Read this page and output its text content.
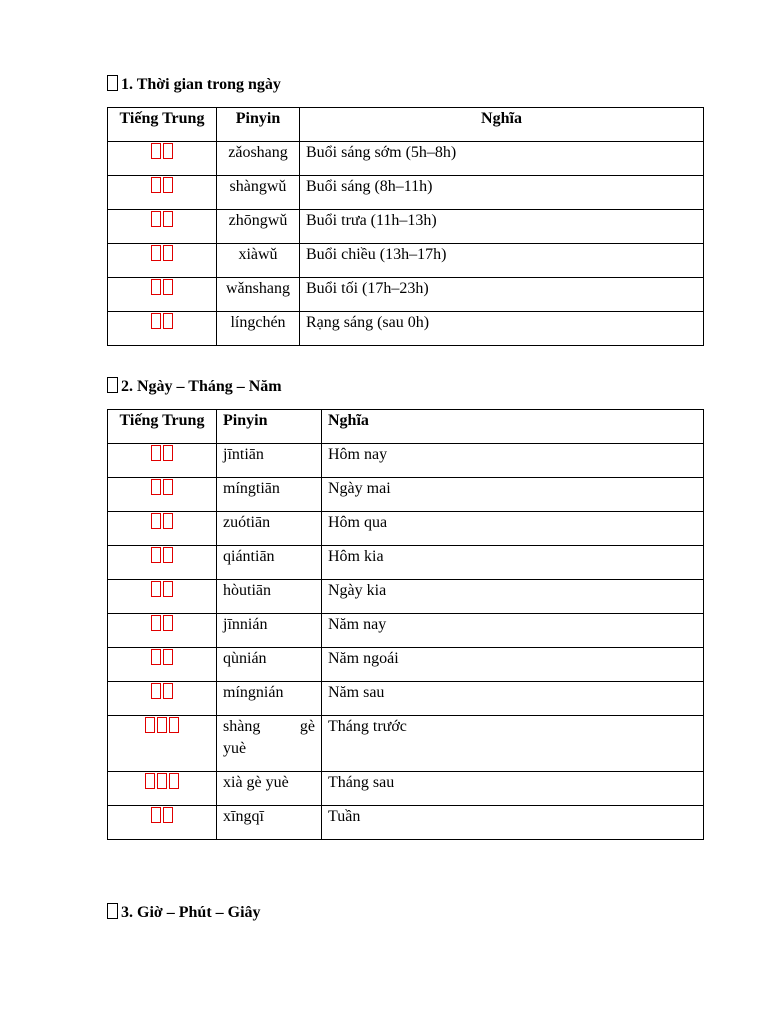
1. Thời gian trong ngày
Tiếng Trung	Pinyin	Nghĩa
	zǎoshang	Buổi sáng sớm (5h–8h)
	shàngwǔ	Buổi sáng (8h–11h)
	zhōngwǔ	Buổi trưa (11h–13h)
	xiàwǔ	Buổi chiều (13h–17h)
	wǎnshang	Buổi tối (17h–23h)
	língchén	Rạng sáng (sau 0h)
2. Ngày – Tháng – Năm
Tiếng Trung	Pinyin	Nghĩa
	jīntiān	Hôm nay
	míngtiān	Ngày mai
	zuótiān	Hôm qua
	qiántiān	Hôm kia
	hòutiān	Ngày kia
	jīnnián	Năm nay
	qùnián	Năm ngoái
	míngnián	Năm sau

	shàng gè
yuè	Tháng trước
	xià gè yuè	Tháng sau
	xīngqī	Tuần
3. Giờ – Phút – Giây
